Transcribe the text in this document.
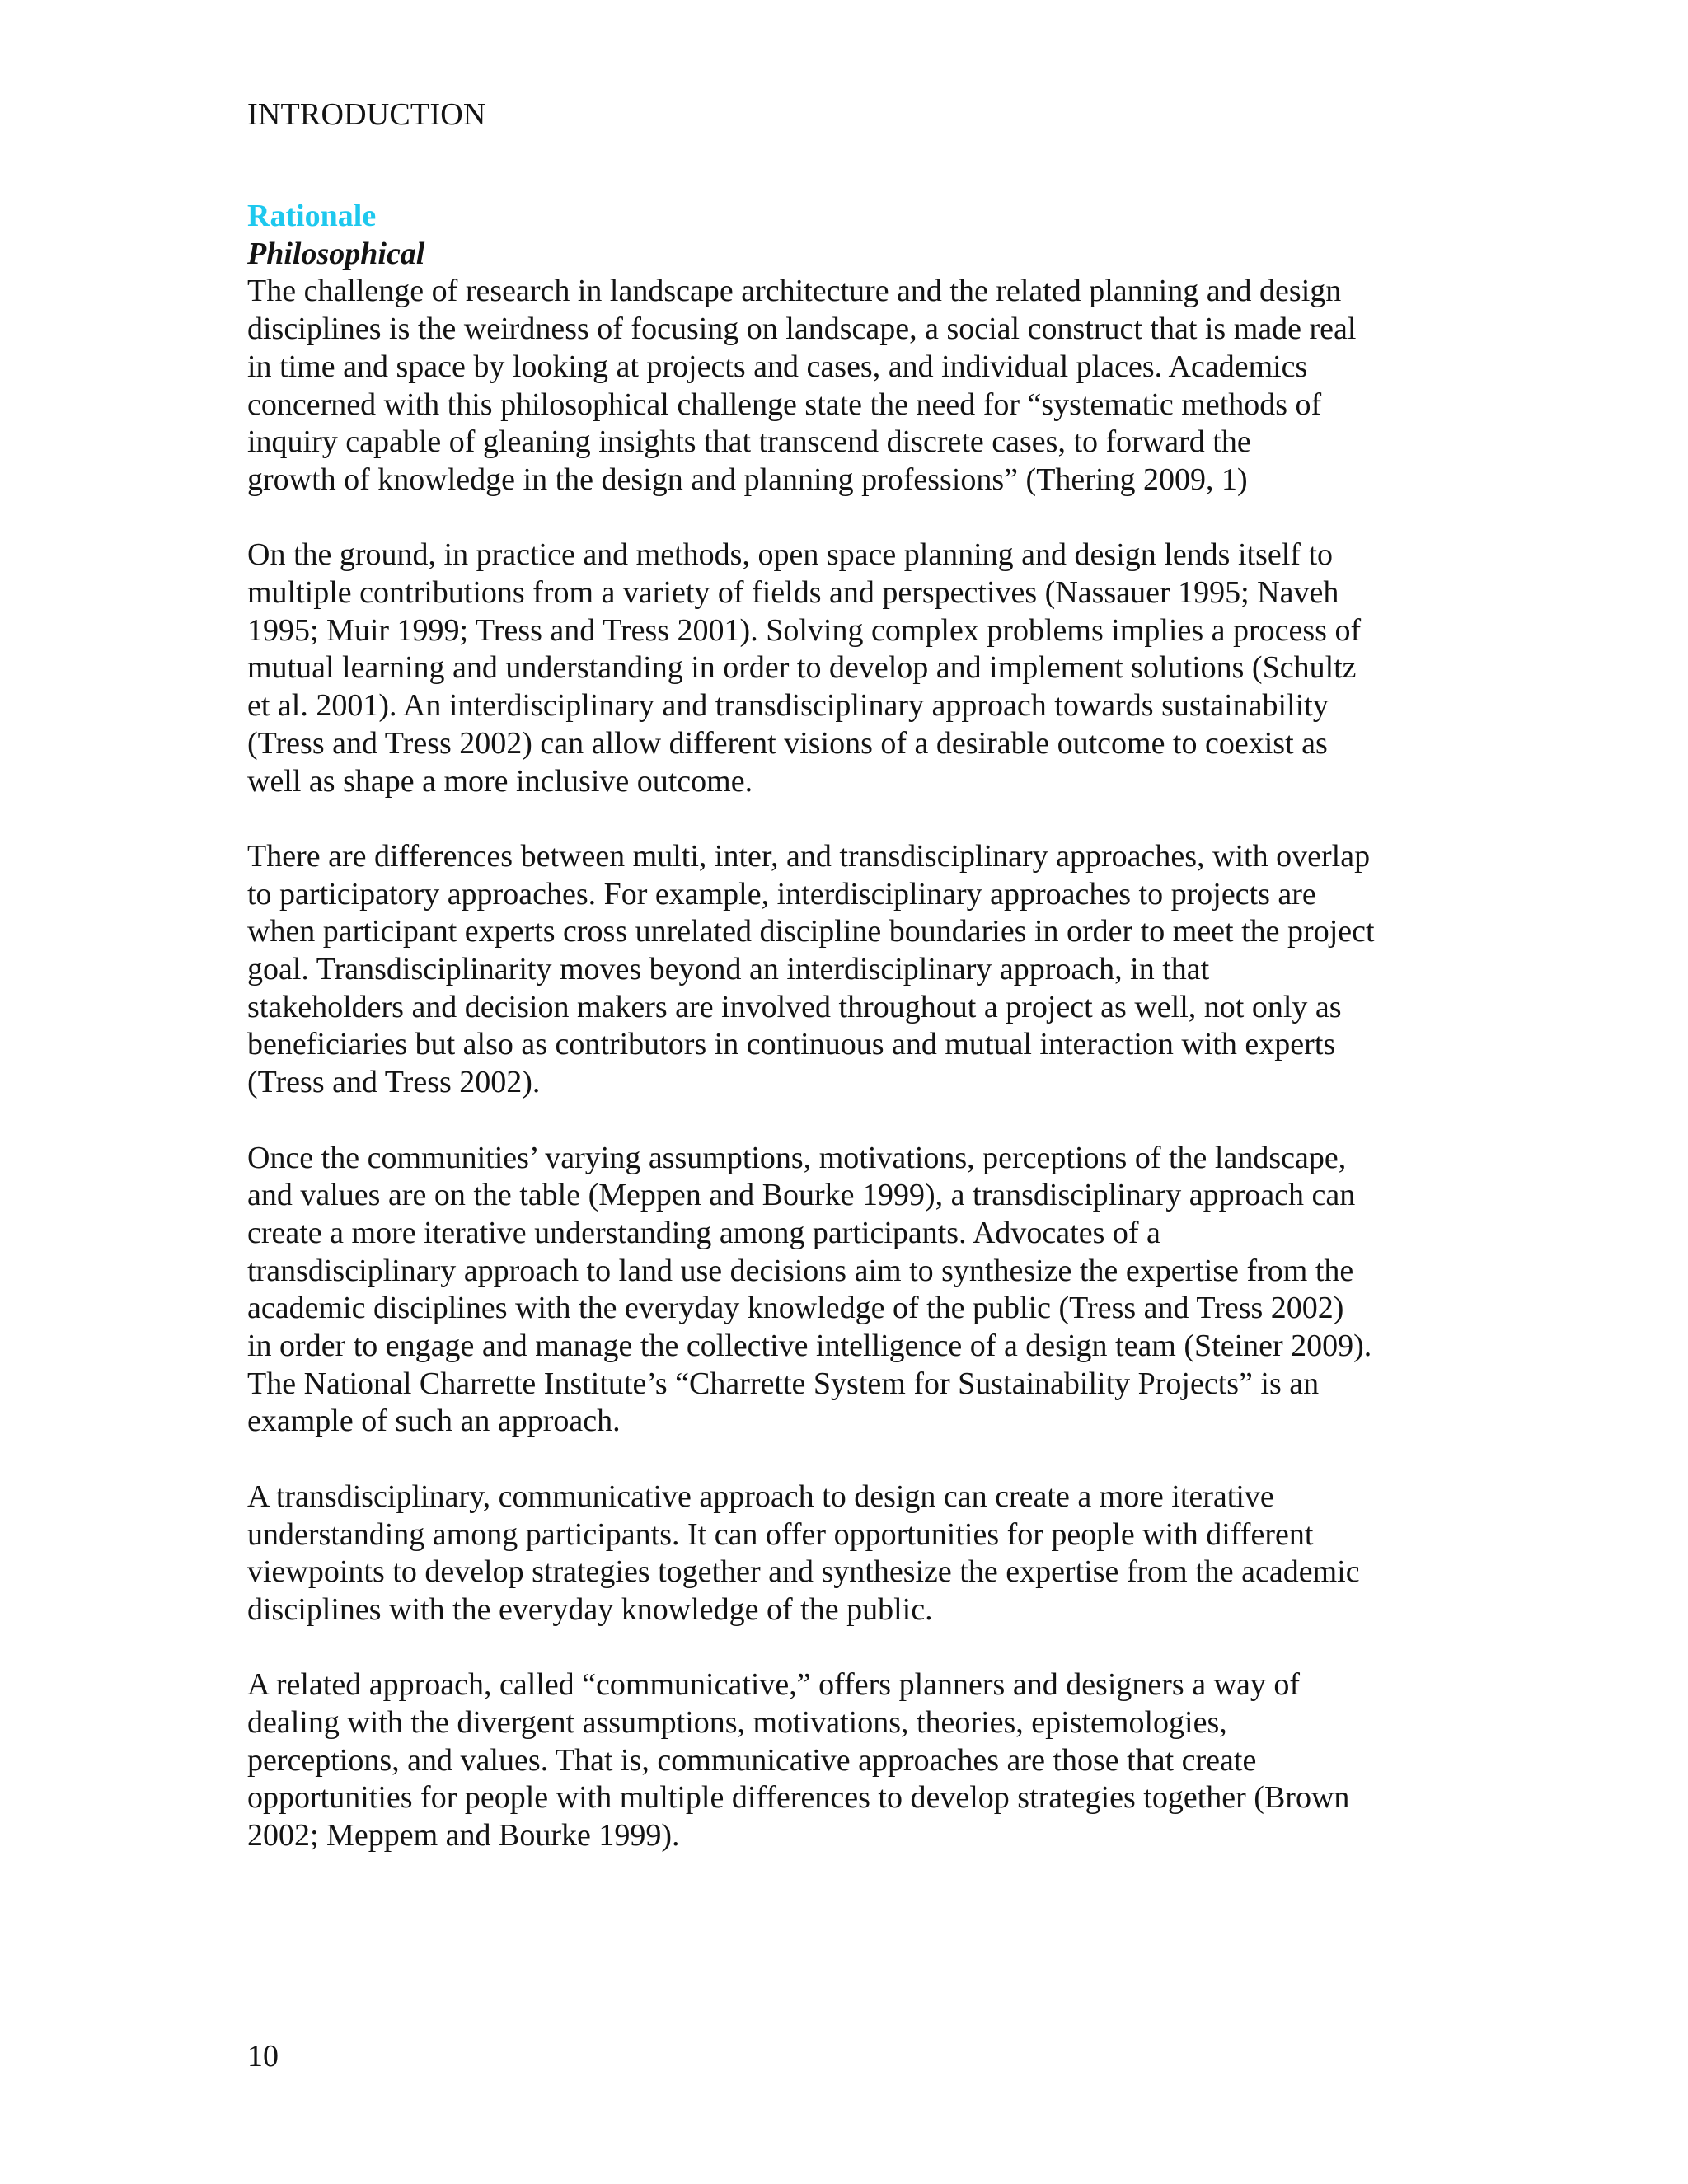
INTRODUCTION
Rationale
Philosophical

The challenge of research in landscape architecture and the related planning and design
disciplines is the weirdness of focusing on landscape, a social construct that is made real
in time and space by looking at projects and cases, and individual places. Academics
concerned with this philosophical challenge state the need for “systematic methods of
inquiry capable of gleaning insights that transcend discrete cases, to forward the
growth of knowledge in the design and planning professions” (Thering 2009, 1)

On the ground, in practice and methods, open space planning and design lends itself to
multiple contributions from a variety of fields and perspectives (Nassauer 1995; Naveh
1995; Muir 1999; Tress and Tress 2001). Solving complex problems implies a process of
mutual learning and understanding in order to develop and implement solutions (Schultz
et al. 2001). An interdisciplinary and transdisciplinary approach towards sustainability
(Tress and Tress 2002) can allow different visions of a desirable outcome to coexist as
well as shape a more inclusive outcome.

There are differences between multi, inter, and transdisciplinary approaches, with overlap
to participatory approaches. For example, interdisciplinary approaches to projects are
when participant experts cross unrelated discipline boundaries in order to meet the project
goal. Transdisciplinarity moves beyond an interdisciplinary approach, in that
stakeholders and decision makers are involved throughout a project as well, not only as
beneficiaries but also as contributors in continuous and mutual interaction with experts
(Tress and Tress 2002).

Once the communities’ varying assumptions, motivations, perceptions of the landscape,
and values are on the table (Meppen and Bourke 1999), a transdisciplinary approach can
create a more iterative understanding among participants. Advocates of a
transdisciplinary approach to land use decisions aim to synthesize the expertise from the
academic disciplines with the everyday knowledge of the public (Tress and Tress 2002)
in order to engage and manage the collective intelligence of a design team (Steiner 2009).
The National Charrette Institute’s “Charrette System for Sustainability Projects” is an
example of such an approach.

A transdisciplinary, communicative approach to design can create a more iterative
understanding among participants. It can offer opportunities for people with different
viewpoints to develop strategies together and synthesize the expertise from the academic
disciplines with the everyday knowledge of the public.

A related approach, called “communicative,” offers planners and designers a way of
dealing with the divergent assumptions, motivations, theories, epistemologies,
perceptions, and values. That is, communicative approaches are those that create
opportunities for people with multiple differences to develop strategies together (Brown
2002; Meppem and Bourke 1999).

10
